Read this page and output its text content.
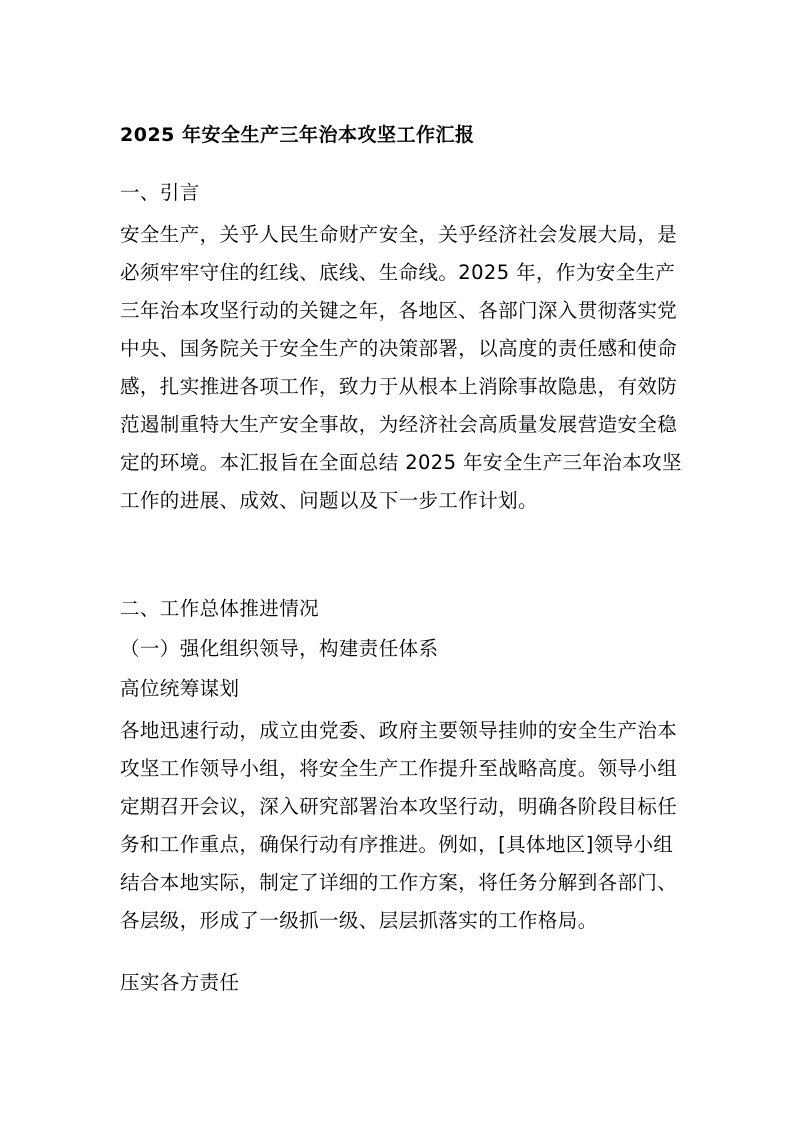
2025 年安全生产三年治本攻坚工作汇报
一、引言
安全生产，关乎人民生命财产安全，关乎经济社会发展大局，是
必须牢牢守住的红线、底线、生命线。2025 年，作为安全生产
三年治本攻坚行动的关键之年，各地区、各部门深入贯彻落实党
中央、国务院关于安全生产的决策部署，以高度的责任感和使命
感，扎实推进各项工作，致力于从根本上消除事故隐患，有效防
范遏制重特大生产安全事故，为经济社会高质量发展营造安全稳
定的环境。本汇报旨在全面总结 2025 年安全生产三年治本攻坚
工作的进展、成效、问题以及下一步工作计划。
二、工作总体推进情况
（一）强化组织领导，构建责任体系
高位统筹谋划
各地迅速行动，成立由党委、政府主要领导挂帅的安全生产治本
攻坚工作领导小组，将安全生产工作提升至战略高度。领导小组
定期召开会议，深入研究部署治本攻坚行动，明确各阶段目标任
务和工作重点，确保行动有序推进。例如，[具体地区]领导小组
结合本地实际，制定了详细的工作方案，将任务分解到各部门、
各层级，形成了一级抓一级、层层抓落实的工作格局。
压实各方责任
